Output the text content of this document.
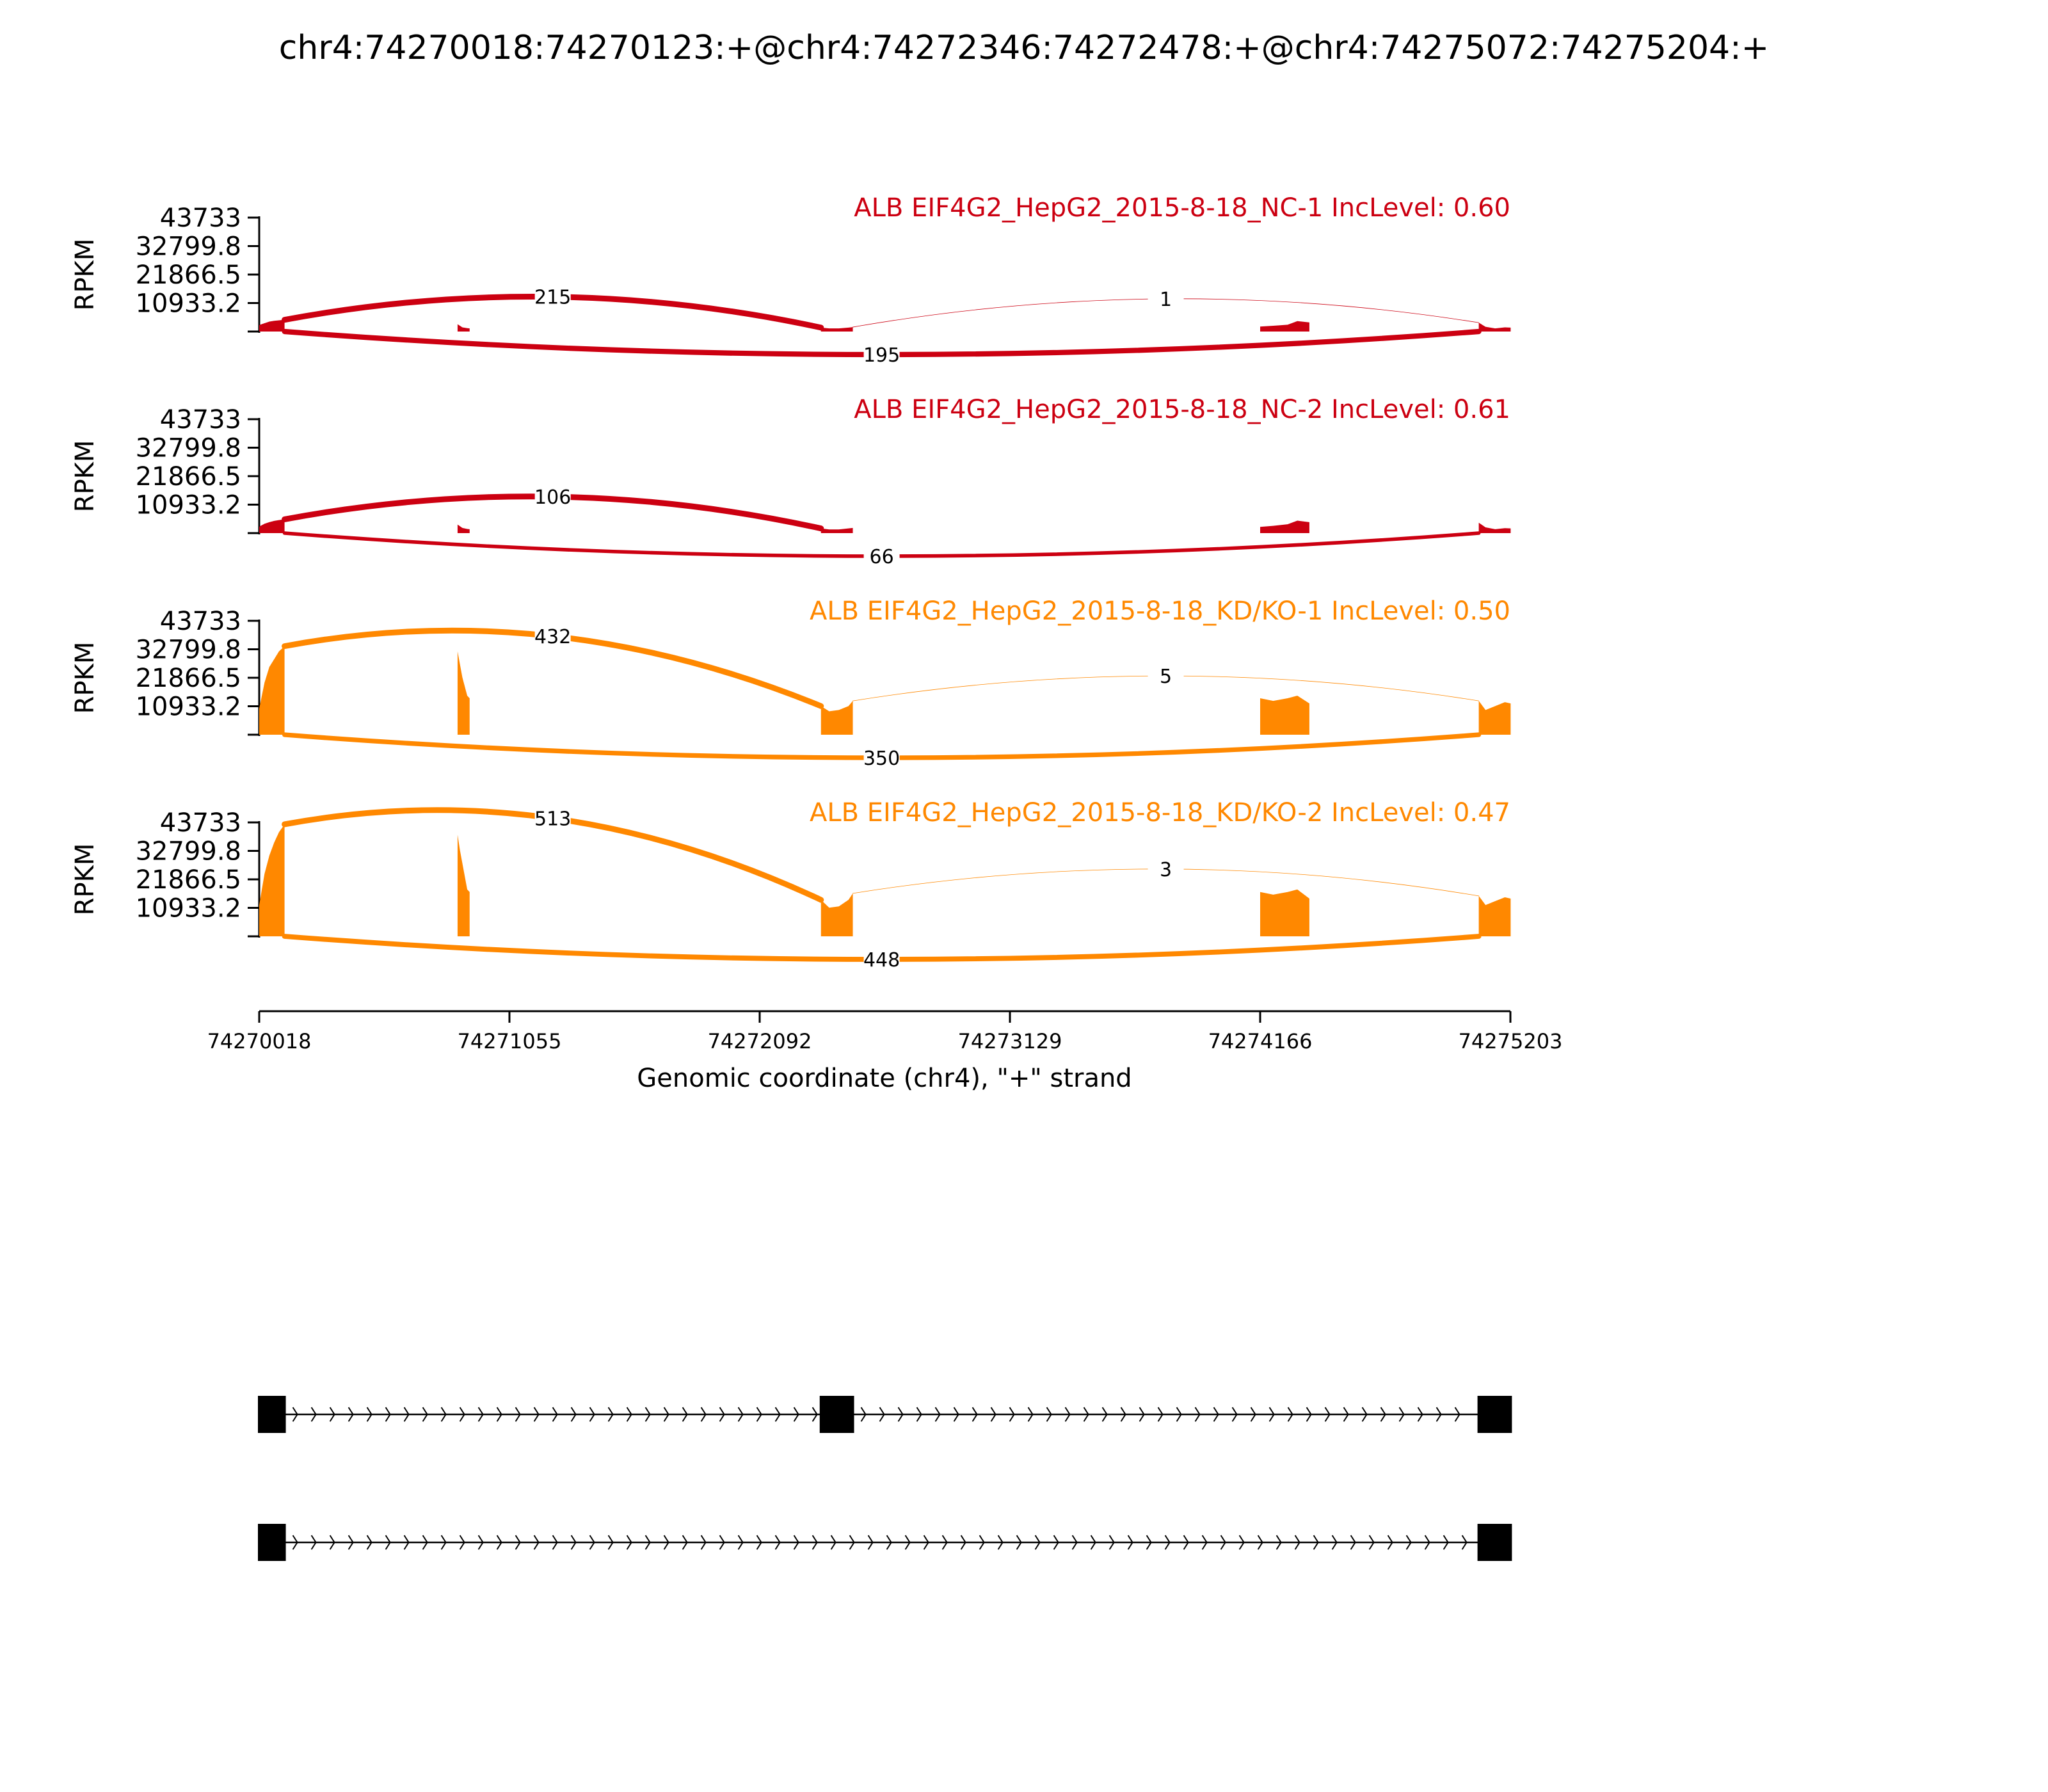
chr4:74270018:74270123:+@chr4:74272346:74272478:+@chr4:74275072:74275204:+
43733
32799.8
21866.5
10933.2
RPKM
ALB EIF4G2_HepG2_2015-8-18_NC-1 IncLevel: 0.60
215	1
195
43733
32799.8
21866.5
10933.2
RPKM
ALB EIF4G2_HepG2_2015-8-18_NC-2 IncLevel: 0.61
106
66
43733
32799.8
21866.5
10933.2
RPKM
ALB EIF4G2_HepG2_2015-8-18_KD/KO-1 IncLevel: 0.50
432
5
350
43733
32799.8
21866.5
10933.2
RPKM
ALB EIF4G2_HepG2_2015-8-18_KD/KO-2 IncLevel: 0.47
513
3
448
74270018	74271055	74272092	74273129	74274166	74275203
Genomic coordinate (chr4), "+" strand
